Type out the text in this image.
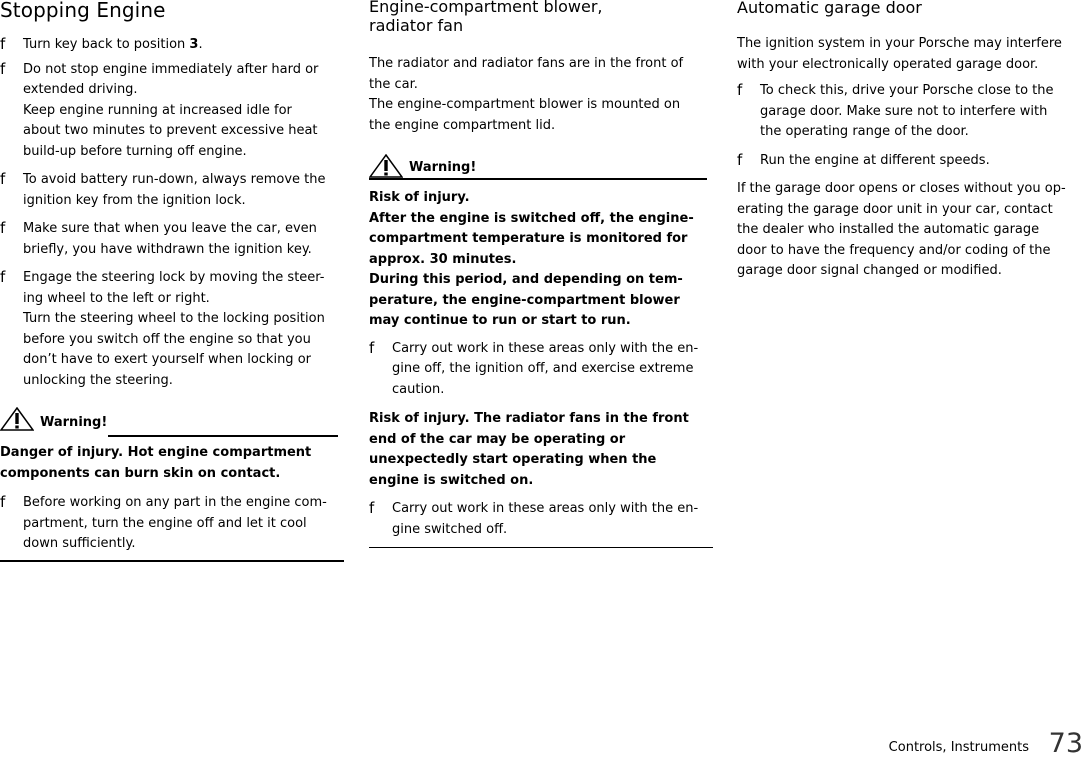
Stopping Engine
f Turn key back to position 3.
f Do not stop engine immediately after hard or
extended driving.
Keep engine running at increased idle for
about two minutes to prevent excessive heat
build-up before turning off engine.
f To avoid battery run-down, always remove the
ignition key from the ignition lock.
f Make sure that when you leave the car, even
briefly, you have withdrawn the ignition key.
f Engage the steering lock by moving the steer-
ing wheel to the left or right.
Turn the steering wheel to the locking position
before you switch off the engine so that you
don’t have to exert yourself when locking or
unlocking the steering.
Warning!
Danger of injury. Hot engine compartment
components can burn skin on contact.
f Before working on any part in the engine com-
partment, turn the engine off and let it cool
down sufficiently.
Engine-compartment blower,
radiator fan
The radiator and radiator fans are in the front of
the car.
The engine-compartment blower is mounted on
the engine compartment lid.
Warning!
Risk of injury.
After the engine is switched off, the engine-
compartment temperature is monitored for
approx. 30 minutes.
During this period, and depending on tem-
perature, the engine-compartment blower
may continue to run or start to run.
f Carry out work in these areas only with the en-
gine off, the ignition off, and exercise extreme
caution.
Risk of injury. The radiator fans in the front
end of the car may be operating or
unexpectedly start operating when the
engine is switched on.
f Carry out work in these areas only with the en-
gine switched off.
Automatic garage door
The ignition system in your Porsche may interfere
with your electronically operated garage door.
f To check this, drive your Porsche close to the
garage door. Make sure not to interfere with
the operating range of the door.
f Run the engine at different speeds.
If the garage door opens or closes without you op-
erating the garage door unit in your car, contact
the dealer who installed the automatic garage
door to have the frequency and/or coding of the
garage door signal changed or modified.
Controls, Instruments 73
